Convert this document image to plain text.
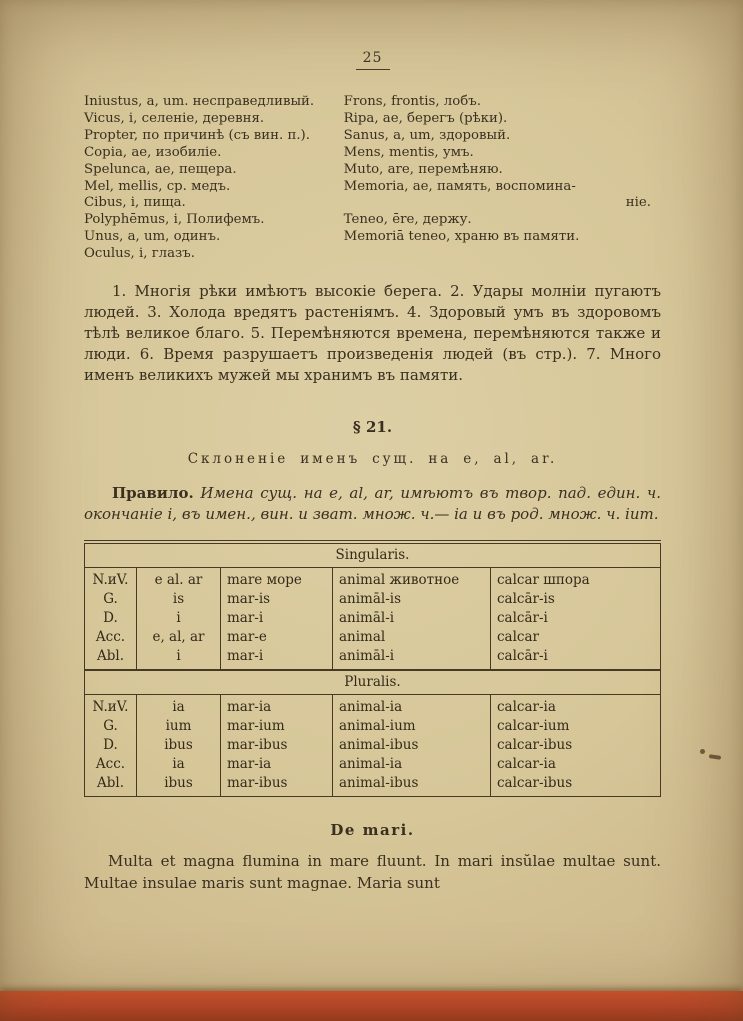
25
Iniustus, a, um. несправедливый.
Vicus, i, селеніе, деревня.
Propter, по причинѣ (съ вин. п.).
Copia, ae, изобиліе.
Spelunca, ae, пещера.
Mel, mellis, ср. медъ.
Cibus, i, пища.
Polyphēmus, i, Полифемъ.
Unus, a, um, одинъ.
Oculus, i, глазъ.
Frons, frontis, лобъ.
Ripa, ae, берегъ (рѣки).
Sanus, a, um, здоровый.
Mens, mentis, умъ.
Muto, are, перемѣняю.
Memoria, ae, память, воспомина-
ніе.
Teneo, ēre, держу.
Memoriā teneo, храню въ памяти.

1. Многія рѣки имѣютъ высокіе берега. 2. Удары молніи пугаютъ людей. 3. Холода вредятъ растеніямъ. 4. Здоровый умъ въ здоровомъ тѣлѣ великое благо. 5. Перемѣняются времена, перемѣняются также и люди. 6. Время разрушаетъ произведенія людей (въ стр.). 7. Много именъ великихъ мужей мы хранимъ въ памяти.

§ 21.
Склоненіе именъ сущ. на e, al, ar.

Правило. Имена сущ. на e, al, ar, имѣютъ въ твор. пад. един. ч. окончаніе i, въ имен., вин. и зват. множ. ч.— ia и въ род. множ. ч. ium.

Singularis.				
N.иV.	e al. ar	mare море	animal животное	calcar шпора
G.	is	mar-is	animāl-is	calcār-is
D.	i	mar-i	animāl-i	calcār-i
Acc.	e, al, ar	mar-e	animal	calcar
Abl.	i	mar-i	animāl-i	calcār-i
Pluralis.				
N.иV.	ia	mar-ia	animal-ia	calcar-ia
G.	ium	mar-ium	animal-ium	calcar-ium
D.	ibus	mar-ibus	animal-ibus	calcar-ibus
Acc.	ia	mar-ia	animal-ia	calcar-ia
Abl.	ibus	mar-ibus	animal-ibus	calcar-ibus
De mari.

Multa et magna flumina in mare fluunt. In mari insŭlae multae sunt. Multae insulae maris sunt magnae. Maria sunt
